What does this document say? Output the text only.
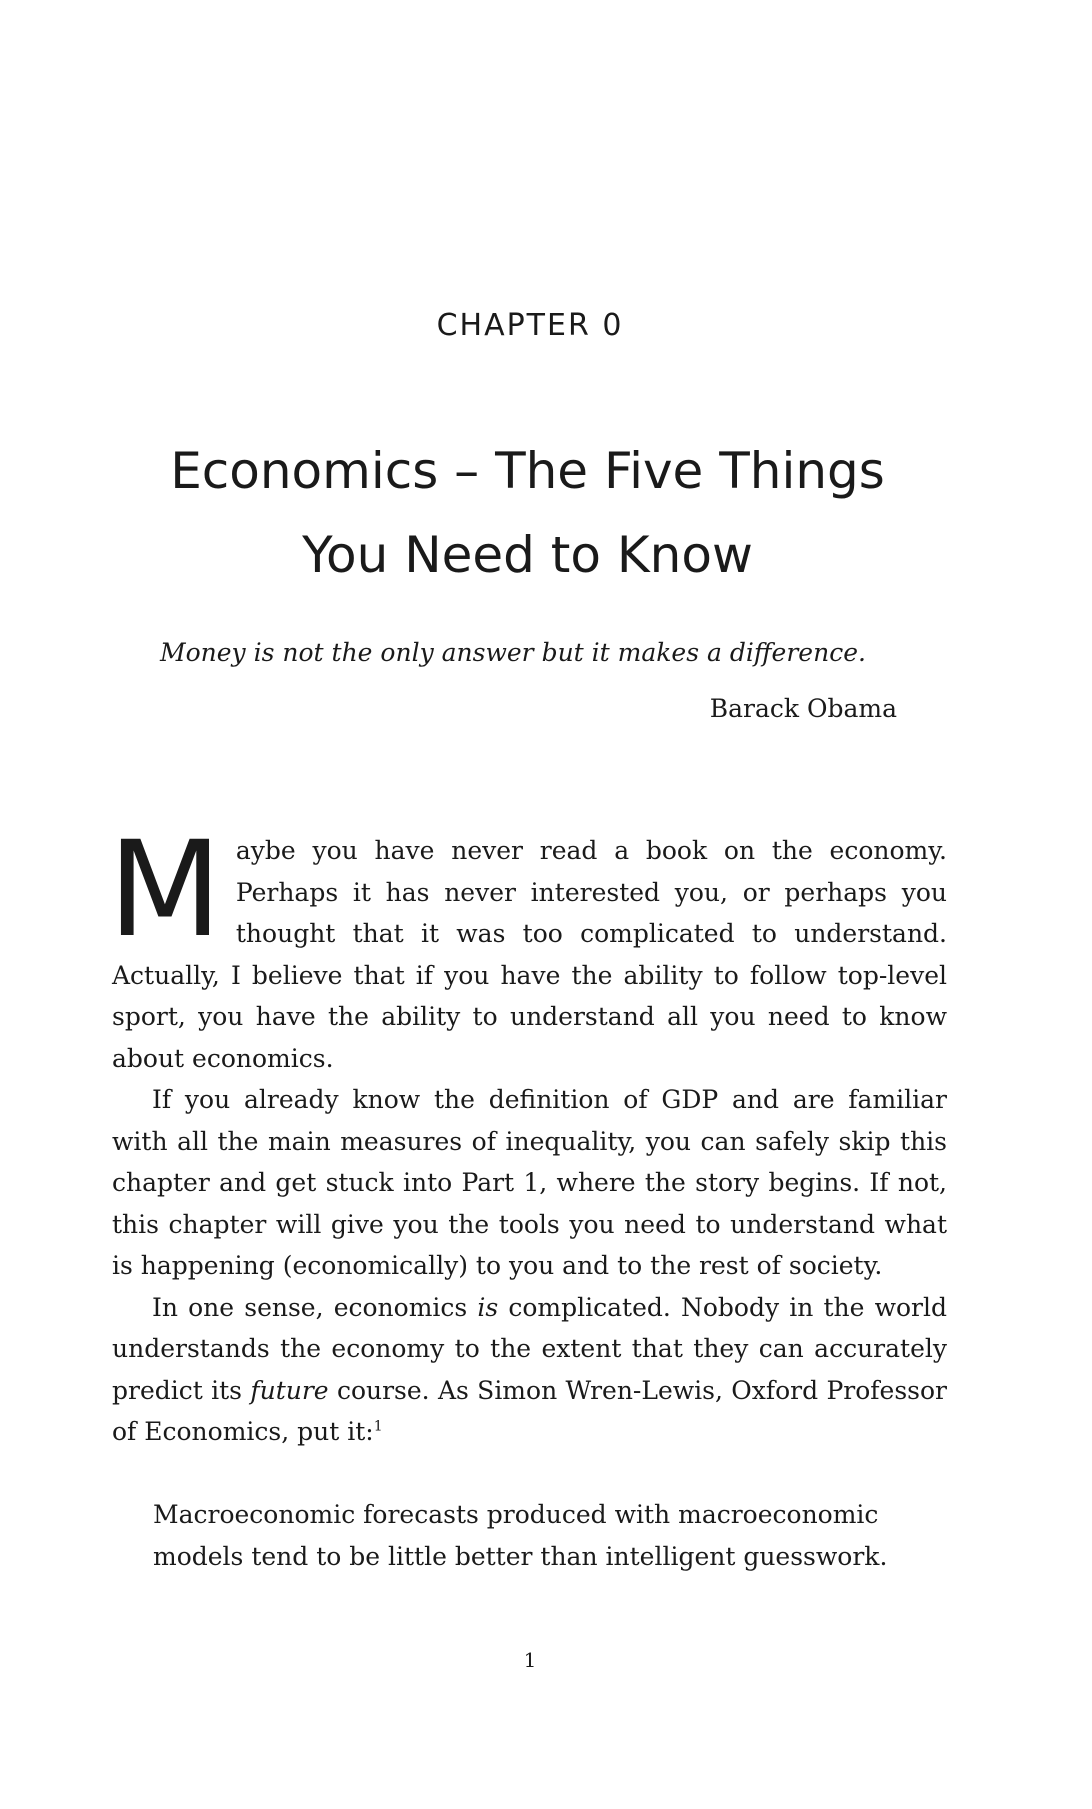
CHAPTER 0
Economics – The Five Things
You Need to Know
Money is not the only answer but it makes a difference.
Barack Obama

Maybe you have never read a book on the economy. Perhaps it has never interested you, or perhaps you thought that it was too complicated to understand. Actually, I believe that if you have the ability to follow top-level sport, you have the ability to understand all you need to know about economics.

If you already know the definition of GDP and are familiar with all the main measures of inequality, you can safely skip this chapter and get stuck into Part 1, where the story begins. If not, this chapter will give you the tools you need to understand what is happening (economically) to you and to the rest of society.

In one sense, economics is complicated. Nobody in the world understands the economy to the extent that they can accurately predict its future course. As Simon Wren-Lewis, Oxford Professor of Economics, put it:$^1$

Macroeconomic forecasts produced with macroeconomic models tend to be little better than intelligent guesswork.

1
